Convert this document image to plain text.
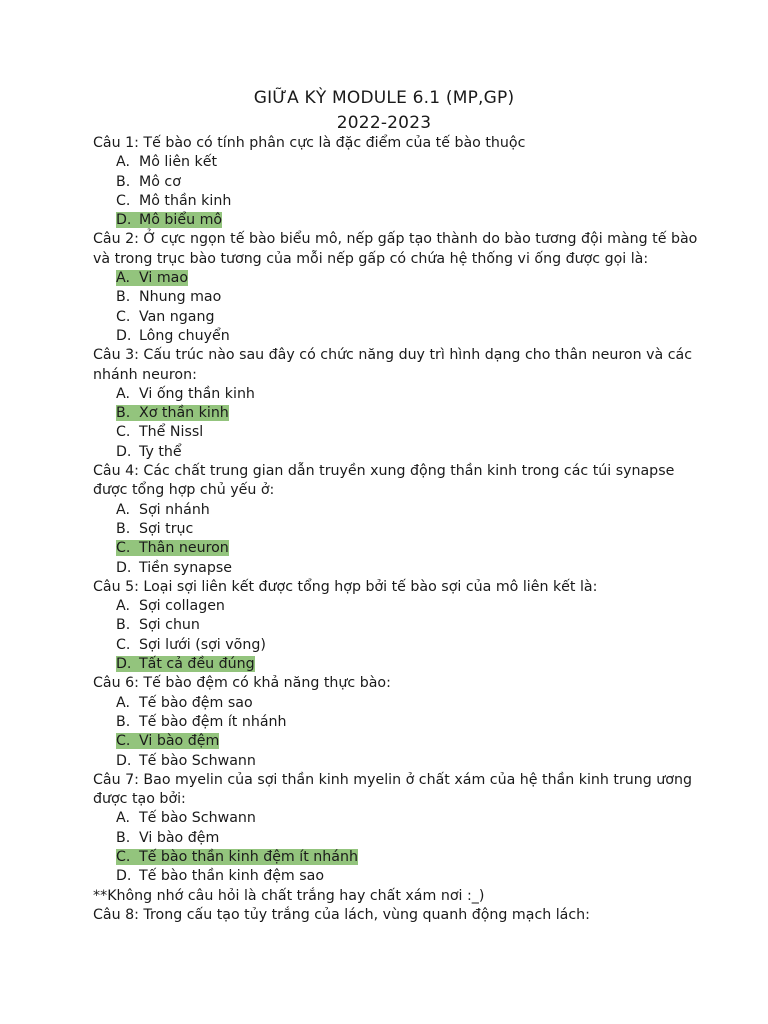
GIỮA KỲ MODULE 6.1 (MP,GP)
2022-2023
Câu 1: Tế bào có tính phân cực là đặc điểm của tế bào thuộc
A. Mô liên kết
B. Mô cơ
C. Mô thần kinh
D. Mô biểu mô
Câu 2: Ở cực ngọn tế bào biểu mô, nếp gấp tạo thành do bào tương đội màng tế bào
và trong trục bào tương của mỗi nếp gấp có chứa hệ thống vi ống được gọi là:
A. Vi mao
B. Nhung mao
C. Van ngang
D. Lông chuyển
Câu 3: Cấu trúc nào sau đây có chức năng duy trì hình dạng cho thân neuron và các
nhánh neuron:
A. Vi ống thần kinh
B. Xơ thần kinh
C. Thể Nissl
D. Ty thể
Câu 4: Các chất trung gian dẫn truyền xung động thần kinh trong các túi synapse
được tổng hợp chủ yếu ở:
A. Sợi nhánh
B. Sợi trục
C. Thân neuron
D. Tiền synapse
Câu 5: Loại sợi liên kết được tổng hợp bởi tế bào sợi của mô liên kết là:
A. Sợi collagen
B. Sợi chun
C. Sợi lưới (sợi võng)
D. Tất cả đều đúng
Câu 6: Tế bào đệm có khả năng thực bào:
A. Tế bào đệm sao
B. Tế bào đệm ít nhánh
C. Vi bào đệm
D. Tế bào Schwann
Câu 7: Bao myelin của sợi thần kinh myelin ở chất xám của hệ thần kinh trung ương
được tạo bởi:
A. Tế bào Schwann
B. Vi bào đệm
C. Tế bào thần kinh đệm ít nhánh
D. Tế bào thần kinh đệm sao
**Không nhớ câu hỏi là chất trắng hay chất xám nơi :_)
Câu 8: Trong cấu tạo tủy trắng của lách, vùng quanh động mạch lách:
